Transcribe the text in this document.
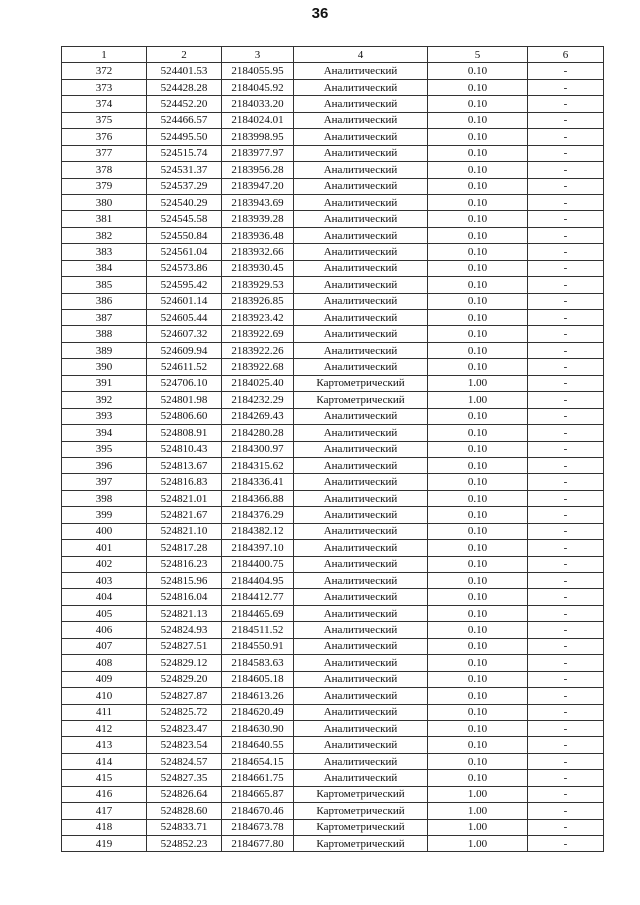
36
1	2	3	4	5	6
372	524401.53	2184055.95	Аналитический	0.10	-
373	524428.28	2184045.92	Аналитический	0.10	-
374	524452.20	2184033.20	Аналитический	0.10	-
375	524466.57	2184024.01	Аналитический	0.10	-
376	524495.50	2183998.95	Аналитический	0.10	-
377	524515.74	2183977.97	Аналитический	0.10	-
378	524531.37	2183956.28	Аналитический	0.10	-
379	524537.29	2183947.20	Аналитический	0.10	-
380	524540.29	2183943.69	Аналитический	0.10	-
381	524545.58	2183939.28	Аналитический	0.10	-
382	524550.84	2183936.48	Аналитический	0.10	-
383	524561.04	2183932.66	Аналитический	0.10	-
384	524573.86	2183930.45	Аналитический	0.10	-
385	524595.42	2183929.53	Аналитический	0.10	-
386	524601.14	2183926.85	Аналитический	0.10	-
387	524605.44	2183923.42	Аналитический	0.10	-
388	524607.32	2183922.69	Аналитический	0.10	-
389	524609.94	2183922.26	Аналитический	0.10	-
390	524611.52	2183922.68	Аналитический	0.10	-
391	524706.10	2184025.40	Картометрический	1.00	-
392	524801.98	2184232.29	Картометрический	1.00	-
393	524806.60	2184269.43	Аналитический	0.10	-
394	524808.91	2184280.28	Аналитический	0.10	-
395	524810.43	2184300.97	Аналитический	0.10	-
396	524813.67	2184315.62	Аналитический	0.10	-
397	524816.83	2184336.41	Аналитический	0.10	-
398	524821.01	2184366.88	Аналитический	0.10	-
399	524821.67	2184376.29	Аналитический	0.10	-
400	524821.10	2184382.12	Аналитический	0.10	-
401	524817.28	2184397.10	Аналитический	0.10	-
402	524816.23	2184400.75	Аналитический	0.10	-
403	524815.96	2184404.95	Аналитический	0.10	-
404	524816.04	2184412.77	Аналитический	0.10	-
405	524821.13	2184465.69	Аналитический	0.10	-
406	524824.93	2184511.52	Аналитический	0.10	-
407	524827.51	2184550.91	Аналитический	0.10	-
408	524829.12	2184583.63	Аналитический	0.10	-
409	524829.20	2184605.18	Аналитический	0.10	-
410	524827.87	2184613.26	Аналитический	0.10	-
411	524825.72	2184620.49	Аналитический	0.10	-
412	524823.47	2184630.90	Аналитический	0.10	-
413	524823.54	2184640.55	Аналитический	0.10	-
414	524824.57	2184654.15	Аналитический	0.10	-
415	524827.35	2184661.75	Аналитический	0.10	-
416	524826.64	2184665.87	Картометрический	1.00	-
417	524828.60	2184670.46	Картометрический	1.00	-
418	524833.71	2184673.78	Картометрический	1.00	-
419	524852.23	2184677.80	Картометрический	1.00	-
